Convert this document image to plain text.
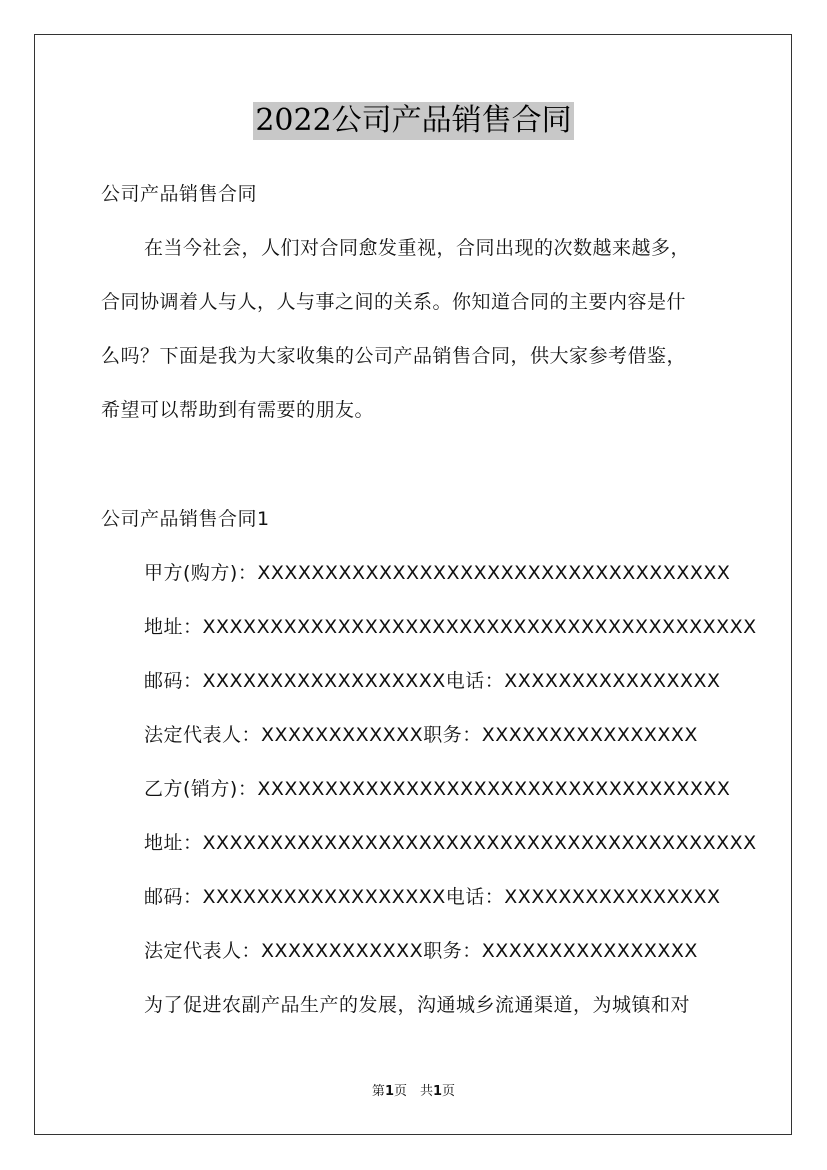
2022公司产品销售合同
公司产品销售合同
在当今社会，人们对合同愈发重视，合同出现的次数越来越多，
合同协调着人与人，人与事之间的关系。你知道合同的主要内容是什
么吗？下面是我为大家收集的公司产品销售合同，供大家参考借鉴，
希望可以帮助到有需要的朋友。
公司产品销售合同1
甲方(购方)：XXXXXXXXXXXXXXXXXXXXXXXXXXXXXXXXXXX
地址：XXXXXXXXXXXXXXXXXXXXXXXXXXXXXXXXXXXXXXXXX
邮码：XXXXXXXXXXXXXXXXXX电话：XXXXXXXXXXXXXXXX
法定代表人：XXXXXXXXXXXX职务：XXXXXXXXXXXXXXXX
乙方(销方)：XXXXXXXXXXXXXXXXXXXXXXXXXXXXXXXXXXX
地址：XXXXXXXXXXXXXXXXXXXXXXXXXXXXXXXXXXXXXXXXX
邮码：XXXXXXXXXXXXXXXXXX电话：XXXXXXXXXXXXXXXX
法定代表人：XXXXXXXXXXXX职务：XXXXXXXXXXXXXXXX
为了促进农副产品生产的发展，沟通城乡流通渠道，为城镇和对
第1页　共1页
